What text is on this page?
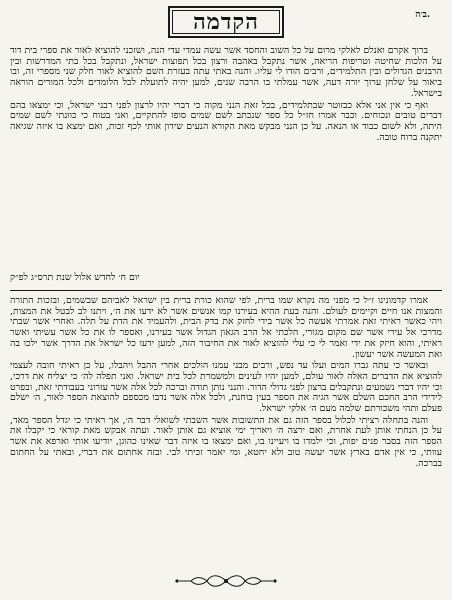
ב׳ה.
הקדמה

ברוך אקרם ואנלם לאלקי מרום על כל השוב והחסד אשר עשה עמדי עדי הנה, ושזכני להוציא לאור את ספרי בית דוד על הלכות שחיטה וטריפות הריאה, אשר נתקבל באהבה ורצון בכל תפוצות ישראל, ונתקבל בכל בתי המדרשות ובין הרבנים הגדולים ובין התלמידים, ורבים הודו לי עליו. והנה באתי עתה בעזרת השם להוציא לאור חלק שני מספרי זה, ובו ביאור על שלחן ערוך יורה דעה, אשר עמלתי בו הרבה שנים, למען יהיה לתועלת לכל הלומדים ולכל המורים הוראה בישראל.

ואף כי אין אני אלא כבזוטר שבתלמידים, בכל זאת הנני מקוה כי דברי יהיו לרצון לפני רבני ישראל, וכי ימצאו בהם דברים טובים ונכוחים. וכבר אמרו חז״ל כל ספר שנכתב לשם שמים סופו להתקיים, ואני בטוח כי כוונתי לשם שמים היתה, ולא לשום כבוד או הנאה. על כן הנני מבקש מאת הקורא הנעים שידון אותי לכף זכות, ואם ימצא בו איזה שגיאה יתקנה ברוח טובה.

יום ח׳ לחדש אלול שנת תרס״ג לפ״ק

אמרו קדמונינו ז״ל כי מפני מה נקרא שמו ברית, לפי שהוא כורת ברית בין ישראל לאביהם שבשמים, ובזכות התורה והמצות אנו חיים וקיימים לעולם. והנה בעת ההיא בעירנו קמו אנשים אשר לא ידעו את ה׳, ויתנו לב לבטל את המצות, ויהי כאשר ראיתי זאת אמרתי אעשה כל אשר בידי לחזק את בדק הבית, ולהעמיד את הדת על תלה. ואחרי אשר שבתי מדרכי אל עירי אשר שם מקום מגורי, הלכתי אל הרב הגאון הגדול אשר בעירנו, ואספר לו את כל אשר עשיתי ואשר ראיתי, והוא חיזק את ידי ואמר לי כי עלי להוציא לאור את החיבור הזה, למען ידעו כל ישראל את הדרך אשר ילכו בה ואת המעשה אשר יעשון.

ובאשר כי עתה גברו המים ועלו עד נפש, ורבים מבני עמנו הולכים אחרי ההבל ויהבלו, על כן ראיתי חובה לעצמי להוציא את הדברים האלה לאור עולם, למען יהיו לעינים ולמשמרת לכל בית ישראל. ואני תפלה לה׳ כי יצליח את דרכי, וכי יהיו דברי נשמעים ונתקבלים ברצון לפני גדולי הדור. והנני נותן תודה וברכה לכל אלה אשר עזרוני בעבודתי זאת, ובפרט לידידי הרב החכם השלם אשר הגיה את הספר בעין בוחנת, ולכל אלה אשר נדבו מכספם להוצאת הספר לאור, ה׳ ישלם פעלם ותהי משכורתם שלמה מעם ה׳ אלקי ישראל.

והנה בתחלה רציתי לכלול בספר הזה גם את התשובות אשר השבתי לשואלי דבר ה׳, אך ראיתי כי יגדל הספר מאד, על כן הנחתי אותן לעת אחרת, ואם ירצה ה׳ ויאריך ימי אוציא גם אותן לאור. ועתה אבקש מאת קוראי כי יקבלו את הספר הזה בסבר פנים יפות, וכי ילמדו בו ויעיינו בו, ואם ימצאו בו איזה דבר שאינו כהוגן, יודיעו אותי וארפא את אשר עוותי, כי אין אדם בארץ אשר יעשה טוב ולא יחטא, ומי יאמר זכיתי לבי. ובזה אחתום את דברי, ובאתי על החתום בברכה.
